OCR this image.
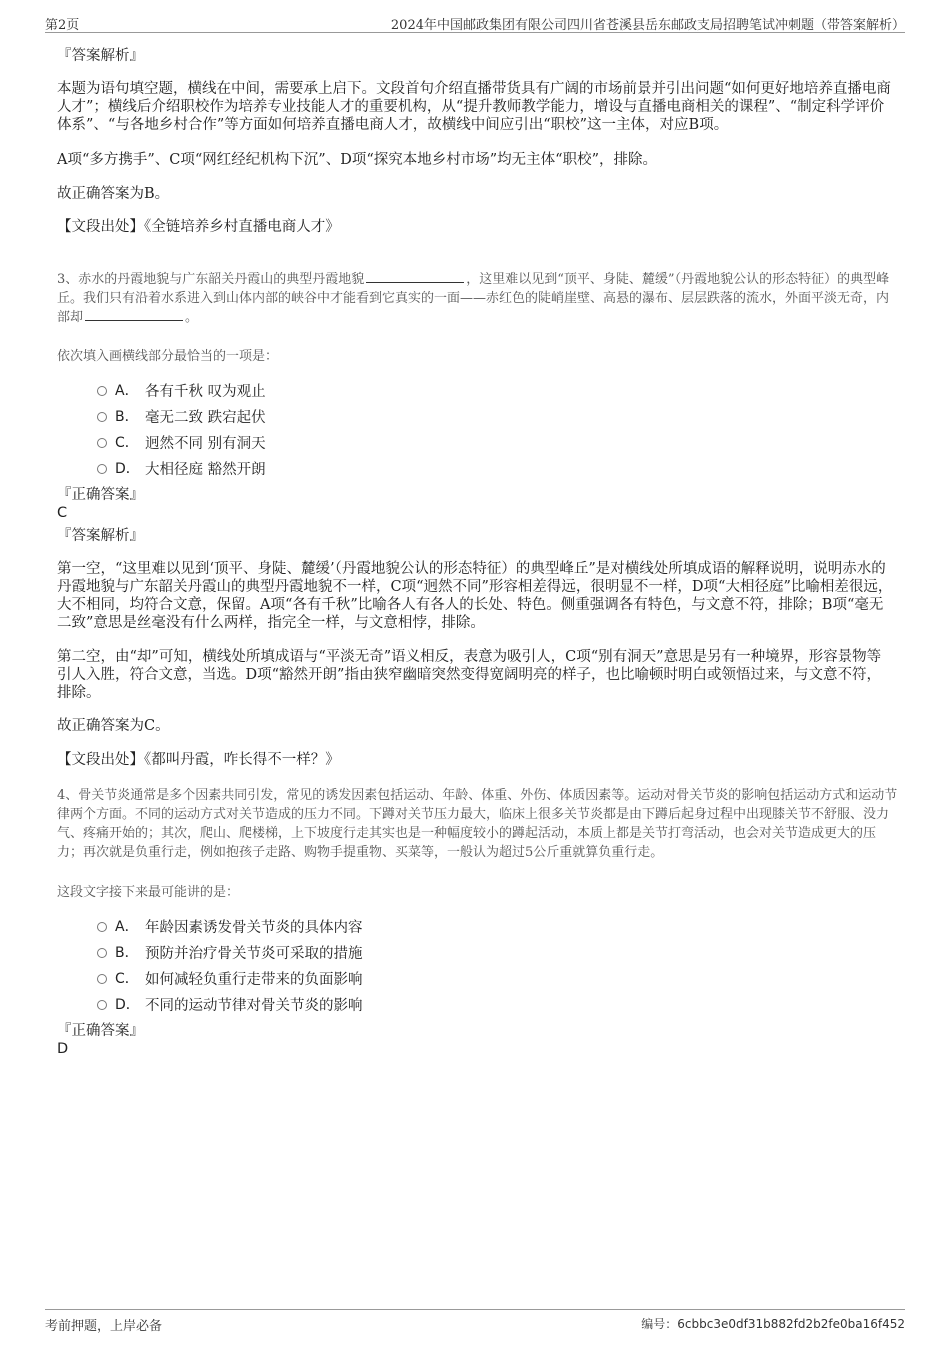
第2页	2024年中国邮政集团有限公司四川省苍溪县岳东邮政支局招聘笔试冲刺题（带答案解析）
『答案解析』

本题为语句填空题，横线在中间，需要承上启下。文段首句介绍直播带货具有广阔的市场前景并引出问题“如何更好地培养直播电商人才”；横线后介绍职校作为培养专业技能人才的重要机构，从“提升教师教学能力，增设与直播电商相关的课程”、“制定科学评价体系”、“与各地乡村合作”等方面如何培养直播电商人才，故横线中间应引出“职校”这一主体，对应B项。

A项“多方携手”、C项“网红经纪机构下沉”、D项“探究本地乡村市场”均无主体“职校”，排除。

故正确答案为B。

【文段出处】《全链培养乡村直播电商人才》

3、赤水的丹霞地貌与广东韶关丹霞山的典型丹霞地貌	，这里难以见到“顶平、身陡、麓缓”（丹霞地貌公认的形态特征）的典型峰丘。我们只有沿着水系进入到山体内部的峡谷中才能看到它真实的一面——赤红色的陡峭崖壁、高悬的瀑布、层层跌落的流水，外面平淡无奇，内部却	。

依次填入画横线部分最恰当的一项是：
A． 各有千秋 叹为观止
B． 毫无二致 跌宕起伏
C． 迥然不同 别有洞天
D． 大相径庭 豁然开朗
『正确答案』
C
『答案解析』

第一空，“这里难以见到‘顶平、身陡、麓缓’（丹霞地貌公认的形态特征）的典型峰丘”是对横线处所填成语的解释说明，说明赤水的丹霞地貌与广东韶关丹霞山的典型丹霞地貌不一样，C项“迥然不同”形容相差得远，很明显不一样，D项“大相径庭”比喻相差很远，大不相同，均符合文意，保留。A项“各有千秋”比喻各人有各人的长处、特色。侧重强调各有特色，与文意不符，排除；B项“毫无二致”意思是丝毫没有什么两样，指完全一样，与文意相悖，排除。

第二空，由“却”可知，横线处所填成语与“平淡无奇”语义相反，表意为吸引人，C项“别有洞天”意思是另有一种境界，形容景物等引人入胜，符合文意，当选。D项“豁然开朗”指由狭窄幽暗突然变得宽阔明亮的样子，也比喻顿时明白或领悟过来，与文意不符，排除。

故正确答案为C。

【文段出处】《都叫丹霞，咋长得不一样？》

4、骨关节炎通常是多个因素共同引发，常见的诱发因素包括运动、年龄、体重、外伤、体质因素等。运动对骨关节炎的影响包括运动方式和运动节律两个方面。不同的运动方式对关节造成的压力不同。下蹲对关节压力最大，临床上很多关节炎都是由下蹲后起身过程中出现膝关节不舒服、没力气、疼痛开始的；其次，爬山、爬楼梯，上下坡度行走其实也是一种幅度较小的蹲起活动，本质上都是关节打弯活动，也会对关节造成更大的压力；再次就是负重行走，例如抱孩子走路、购物手提重物、买菜等，一般认为超过5公斤重就算负重行走。

这段文字接下来最可能讲的是：
A． 年龄因素诱发骨关节炎的具体内容
B． 预防并治疗骨关节炎可采取的措施
C． 如何减轻负重行走带来的负面影响
D． 不同的运动节律对骨关节炎的影响
『正确答案』
D
考前押题，上岸必备	编号：6cbbc3e0df31b882fd2b2fe0ba16f452
